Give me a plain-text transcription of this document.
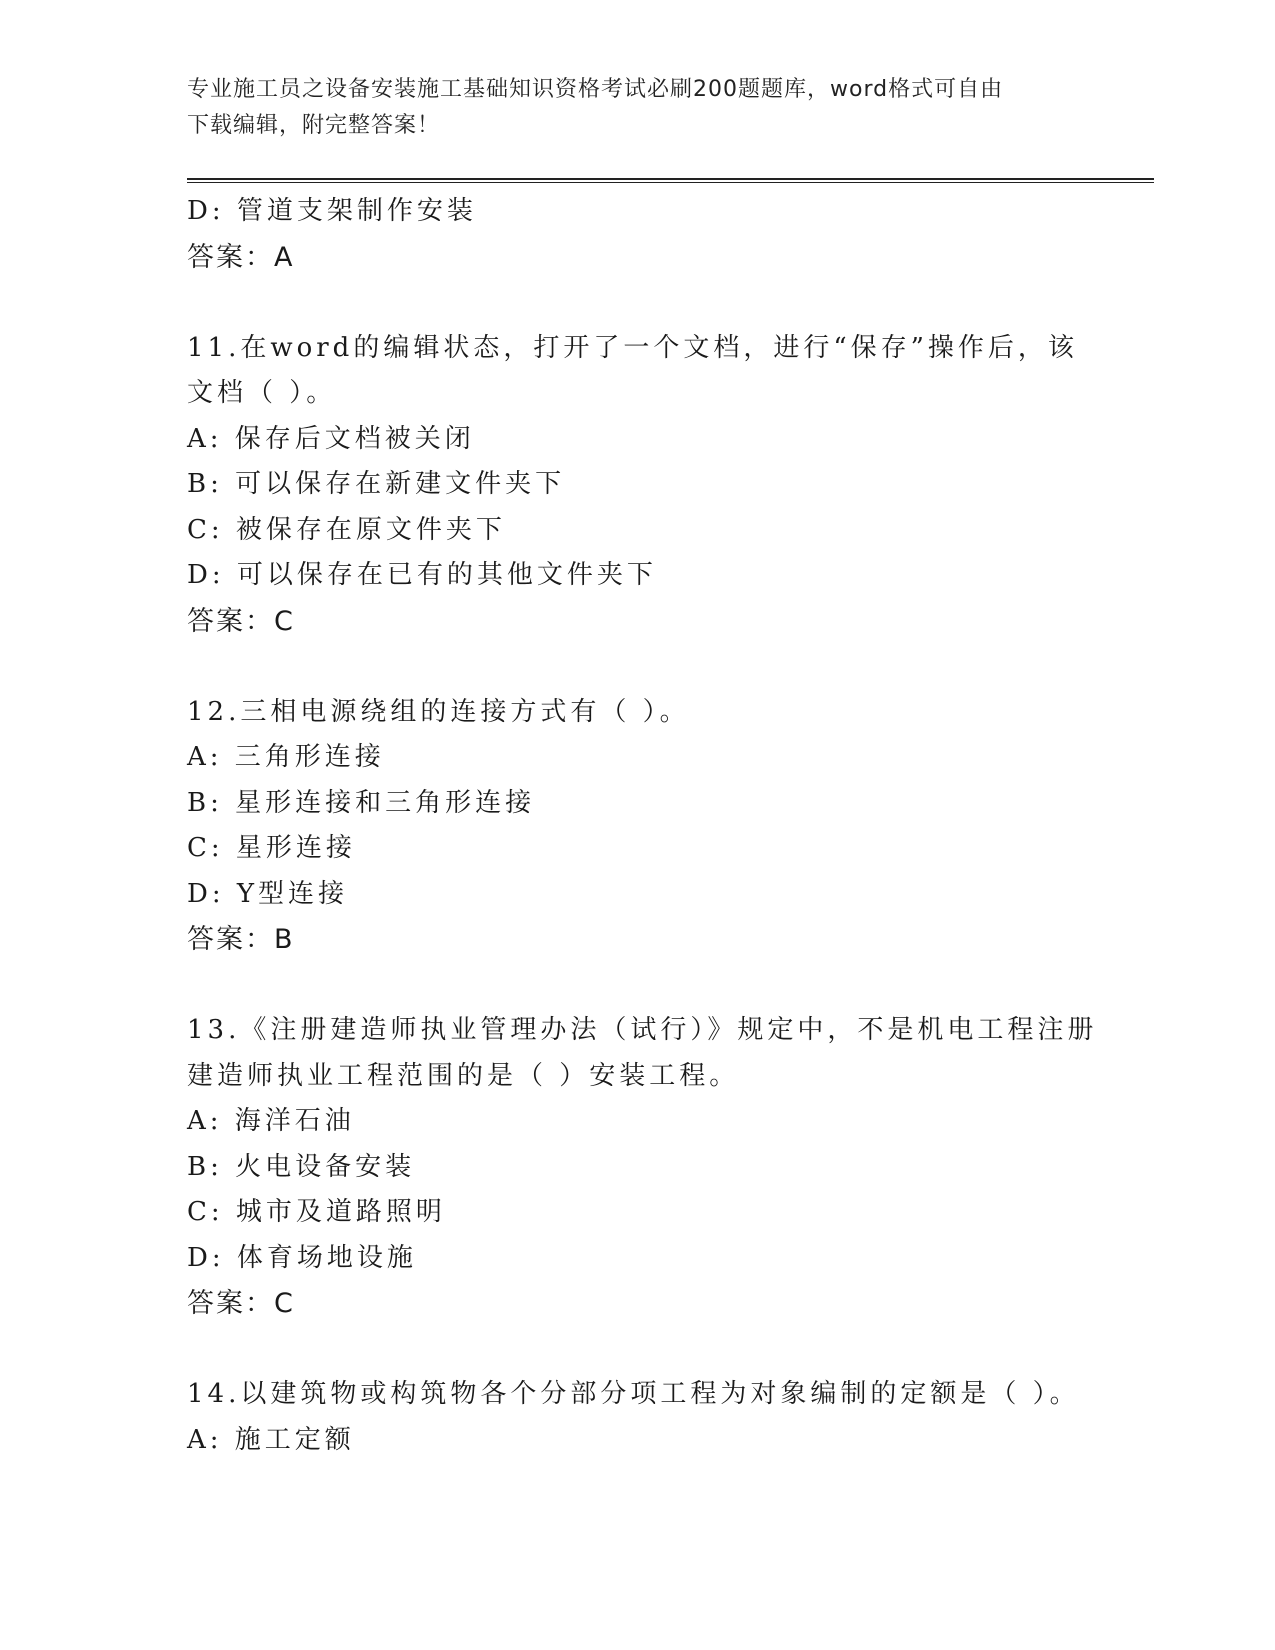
专业施工员之设备安装施工基础知识资格考试必刷200题题库，word格式可自由
下载编辑，附完整答案！
D: 管道支架制作安装
答案：A
11.在word的编辑状态，打开了一个文档，进行“保存”操作后，该
文档（ ）。
A: 保存后文档被关闭
B: 可以保存在新建文件夹下
C: 被保存在原文件夹下
D: 可以保存在已有的其他文件夹下
答案：C
12.三相电源绕组的连接方式有（ ）。
A: 三角形连接
B: 星形连接和三角形连接
C: 星形连接
D: Y型连接
答案：B
13.《注册建造师执业管理办法（试行）》规定中，不是机电工程注册
建造师执业工程范围的是（ ）安装工程。
A: 海洋石油
B: 火电设备安装
C: 城市及道路照明
D: 体育场地设施
答案：C
14.以建筑物或构筑物各个分部分项工程为对象编制的定额是（ ）。
A: 施工定额
